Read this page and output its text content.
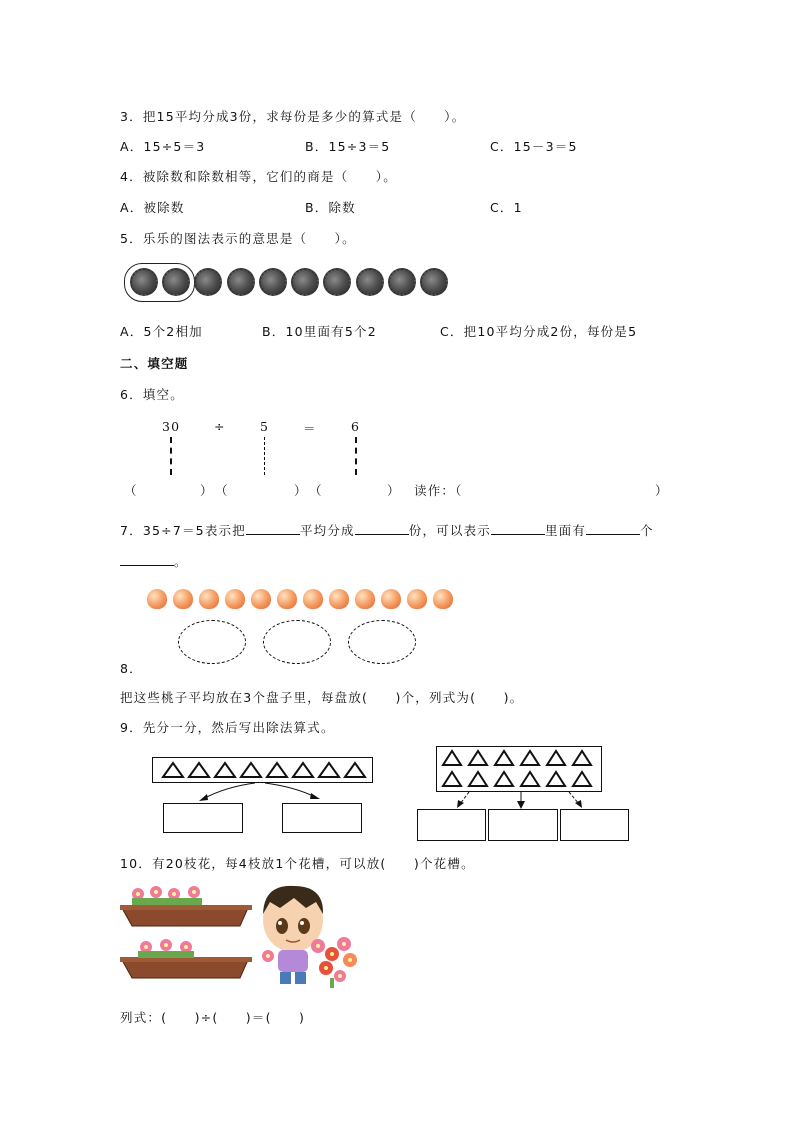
3．把15平均分成3份，求每份是多少的算式是（　　）。
A．15÷5＝3	B．15÷3＝5	C．15－3＝5
4．被除数和除数相等，它们的商是（　　）。
A．被除数	B．除数	C．1
5．乐乐的图法表示的意思是（　　）。
A．5个2相加	B．10里面有5个2	C．把10平均分成2份，每份是5
二、填空题
6．填空。
30	÷	5	＝	6
（	） （	） （	） 读作：（	）
7．35÷7＝5表示把	平均分成	份，可以表示	里面有	个
。
8．
把这些桃子平均放在3个盘子里，每盘放(　　)个，列式为(　　)。
9．先分一分，然后写出除法算式。
10．有20枝花，每4枝放1个花槽，可以放(　　)个花槽。
列式：(　　)÷(　　)＝(　　)
